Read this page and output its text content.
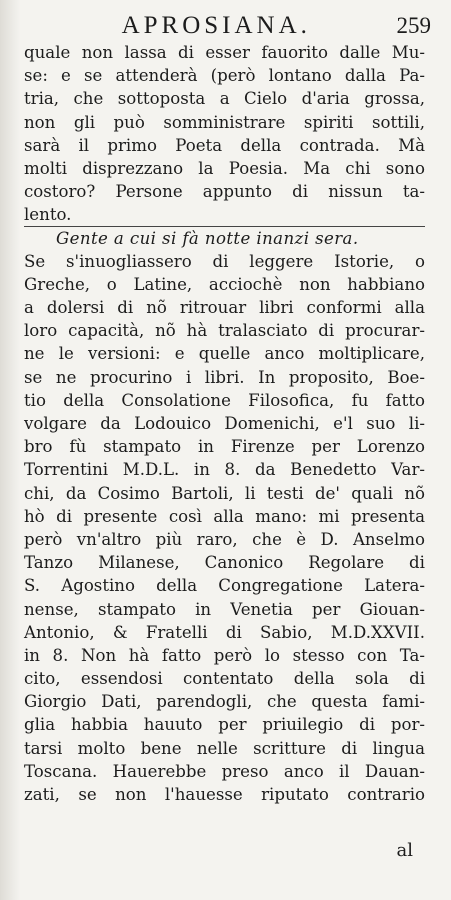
APROSIANA.	259
quale non lassa di esser fauorito dalle Mu-
se: e se attenderà (però lontano dalla Pa-
tria, che sottoposta a Cielo d'aria grossa,
non gli può somministrare spiriti sottili,
sarà il primo Poeta della contrada. Mà
molti disprezzano la Poesia. Ma chi sono
costoro? Persone appunto di nissun ta-
lento.
Gente a cui si fà notte inanzi sera.
Se s'inuogliassero di leggere Istorie, o
Greche, o Latine, acciochè non habbiano
a dolersi di nõ ritrouar libri conformi alla
loro capacità, nõ hà tralasciato di procurar-
ne le versioni: e quelle anco moltiplicare,
se ne procurino i libri. In proposito, Boe-
tio della Consolatione Filosofica, fu fatto
volgare da Lodouico Domenichi, e'l suo li-
bro fù stampato in Firenze per Lorenzo
Torrentini M.D.L. in 8. da Benedetto Var-
chi, da Cosimo Bartoli, li testi de' quali nõ
hò di presente così alla mano: mi presenta
però vn'altro più raro, che è D. Anselmo
Tanzo Milanese, Canonico Regolare di
S. Agostino della Congregatione Laterа-
nense, stampato in Venetia per Giouan-
Antonio, & Fratelli di Sabio, M.D.XXVII.
in 8. Non hà fatto però lo stesso con Ta-
cito, essendosi contentato della sola di
Giorgio Dati, parendogli, che questa fami-
glia habbia hauuto per priuilegio di por-
tarsi molto bene nelle scritture di lingua
Toscana. Hauerebbe preso anco il Dauan-
zati, se non l'hauesse riputato contrario
al
